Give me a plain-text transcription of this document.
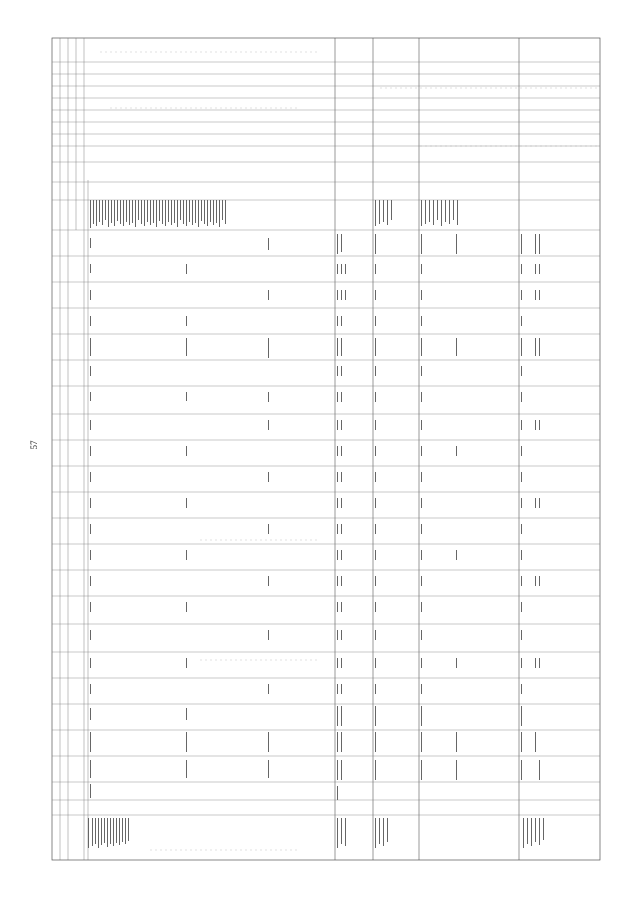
57
